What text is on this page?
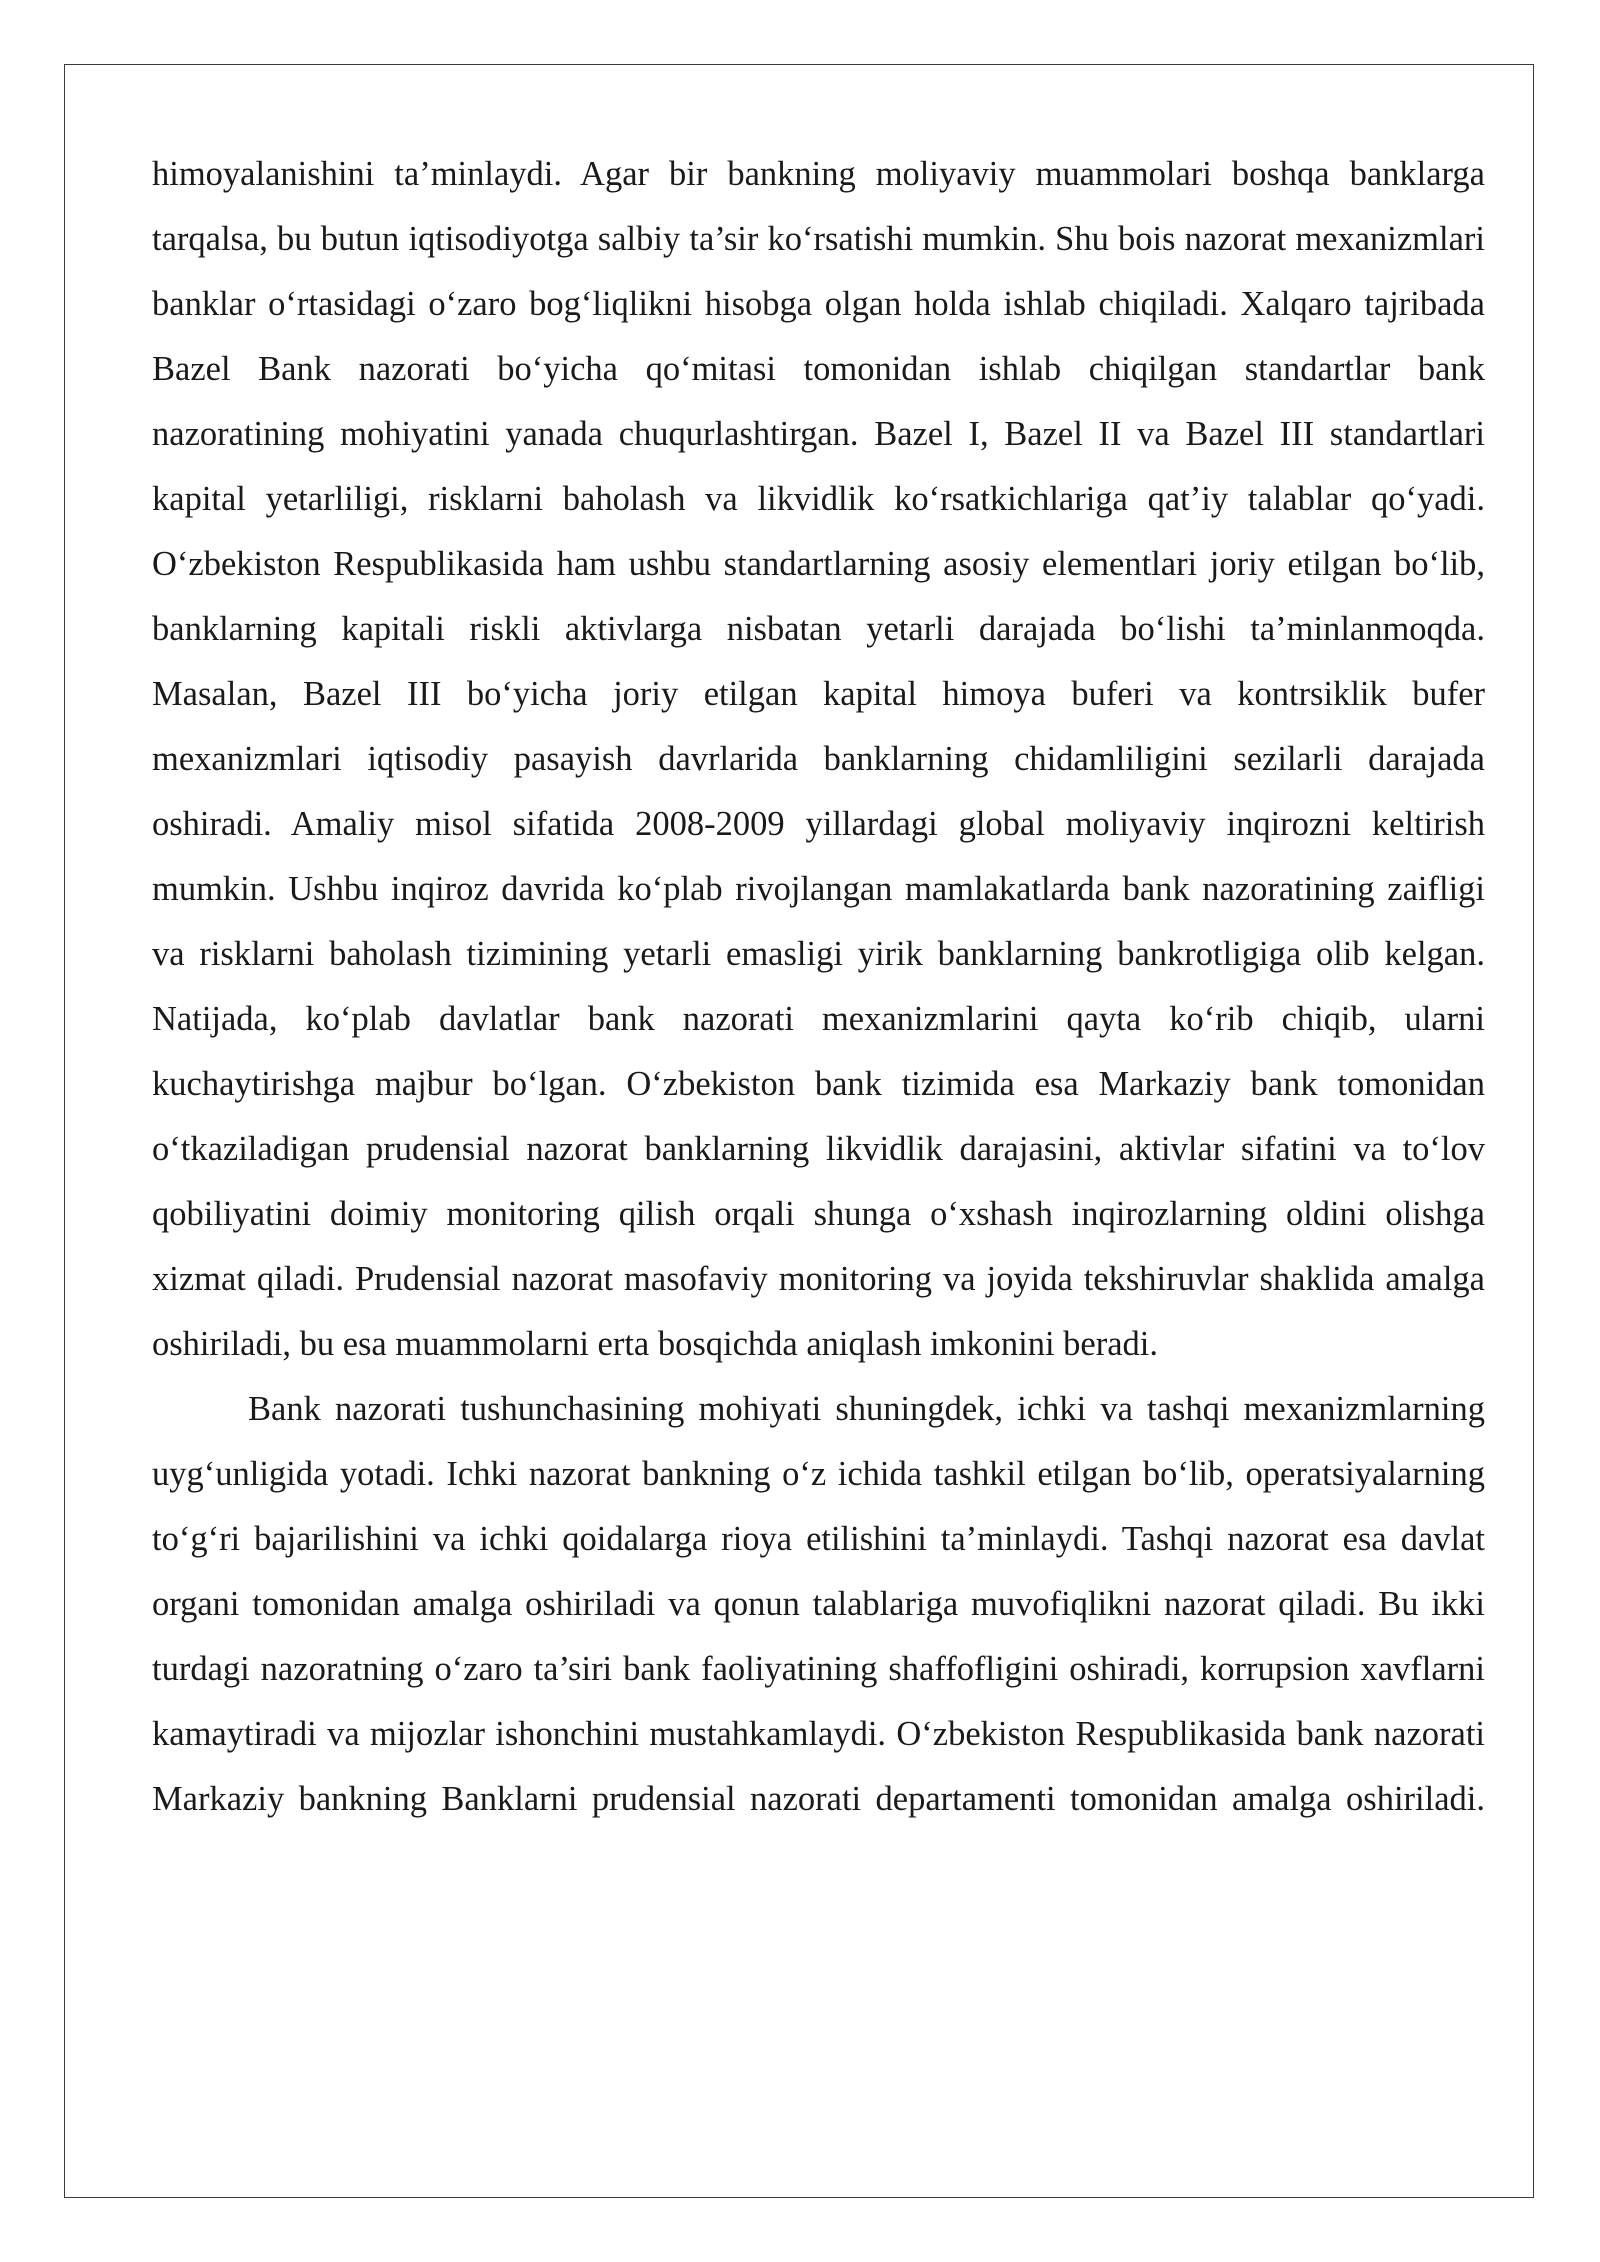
himoyalanishini ta’minlaydi. Agar bir bankning moliyaviy muammolari boshqa banklarga tarqalsa, bu butun iqtisodiyotga salbiy ta’sir ko‘rsatishi mumkin. Shu bois nazorat mexanizmlari banklar o‘rtasidagi o‘zaro bog‘liqlikni hisobga olgan holda ishlab chiqiladi. Xalqaro tajribada Bazel Bank nazorati bo‘yicha qo‘mitasi tomonidan ishlab chiqilgan standartlar bank nazoratining mohiyatini yanada chuqurlashtirgan. Bazel I, Bazel II va Bazel III standartlari kapital yetarliligi, risklarni baholash va likvidlik ko‘rsatkichlariga qat’iy talablar qo‘yadi. O‘zbekiston Respublikasida ham ushbu standartlarning asosiy elementlari joriy etilgan bo‘lib, banklarning kapitali riskli aktivlarga nisbatan yetarli darajada bo‘lishi ta’minlanmoqda. Masalan, Bazel III bo‘yicha joriy etilgan kapital himoya buferi va kontrsiklik bufer mexanizmlari iqtisodiy pasayish davrlarida banklarning chidamliligini sezilarli darajada oshiradi. Amaliy misol sifatida 2008-2009 yillardagi global moliyaviy inqirozni keltirish mumkin. Ushbu inqiroz davrida ko‘plab rivojlangan mamlakatlarda bank nazoratining zaifligi va risklarni baholash tizimining yetarli emasligi yirik banklarning bankrotligiga olib kelgan. Natijada, ko‘plab davlatlar bank nazorati mexanizmlarini qayta ko‘rib chiqib, ularni kuchaytirishga majbur bo‘lgan. O‘zbekiston bank tizimida esa Markaziy bank tomonidan o‘tkaziladigan prudensial nazorat banklarning likvidlik darajasini, aktivlar sifatini va to‘lov qobiliyatini doimiy monitoring qilish orqali shunga o‘xshash inqirozlarning oldini olishga xizmat qiladi. Prudensial nazorat masofaviy monitoring va joyida tekshiruvlar shaklida amalga oshiriladi, bu esa muammolarni erta bosqichda aniqlash imkonini beradi.

Bank nazorati tushunchasining mohiyati shuningdek, ichki va tashqi mexanizmlarning uyg‘unligida yotadi. Ichki nazorat bankning o‘z ichida tashkil etilgan bo‘lib, operatsiyalarning to‘g‘ri bajarilishini va ichki qoidalarga rioya etilishini ta’minlaydi. Tashqi nazorat esa davlat organi tomonidan amalga oshiriladi va qonun talablariga muvofiqlikni nazorat qiladi. Bu ikki turdagi nazoratning o‘zaro ta’siri bank faoliyatining shaffofligini oshiradi, korrupsion xavflarni kamaytiradi va mijozlar ishonchini mustahkamlaydi. O‘zbekiston Respublikasida bank nazorati Markaziy bankning Banklarni prudensial nazorati departamenti tomonidan amalga oshiriladi.
